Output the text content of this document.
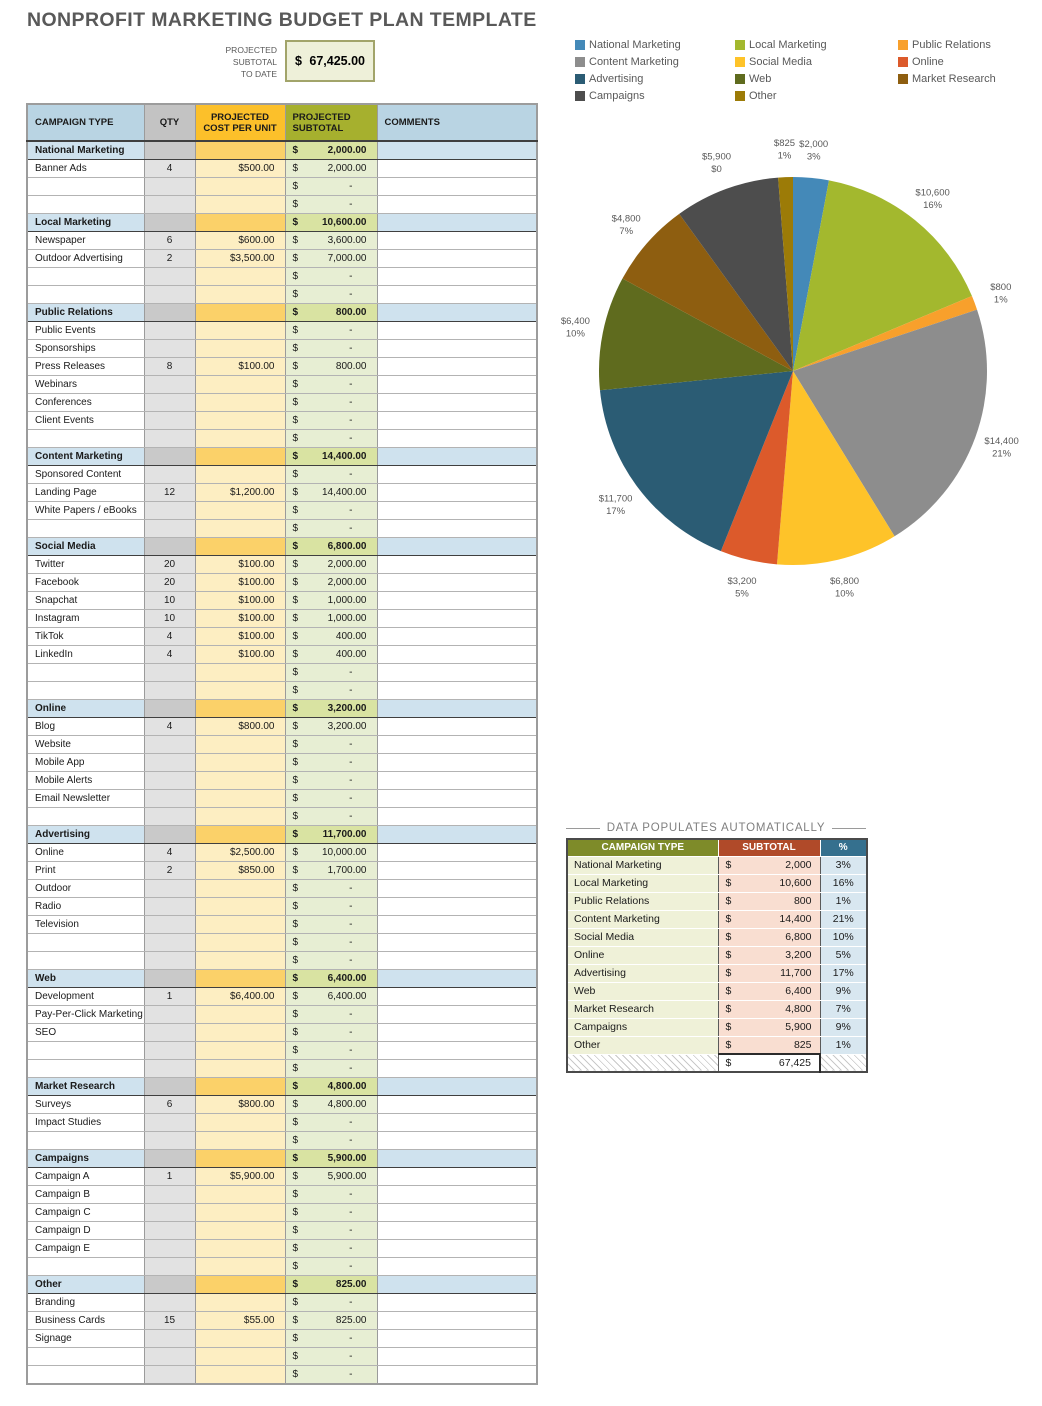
NONPROFIT MARKETING BUDGET PLAN TEMPLATE
PROJECTED
SUBTOTAL
TO DATE
$ 67,425.00
CAMPAIGN TYPE	QTY	PROJECTED COST PER UNIT	PROJECTED SUBTOTAL	COMMENTS
National Marketing			$ 2,000.00	

Banner Ads	4	$500.00	$ 2,000.00	

			$ -	

			$ -	

Local Marketing			$ 10,600.00	

Newspaper	6	$600.00	$ 3,600.00	

Outdoor Advertising	2	$3,500.00	$ 7,000.00	

			$ -	

			$ -	

Public Relations			$ 800.00	

Public Events			$ -	

Sponsorships			$ -	

Press Releases	8	$100.00	$ 800.00	

Webinars			$ -	

Conferences			$ -	

Client Events			$ -	

			$ -	

Content Marketing			$ 14,400.00	

Sponsored Content			$ -	

Landing Page	12	$1,200.00	$ 14,400.00	

White Papers / eBooks			$ -	

			$ -	

Social Media			$ 6,800.00	

Twitter	20	$100.00	$ 2,000.00	

Facebook	20	$100.00	$ 2,000.00	

Snapchat	10	$100.00	$ 1,000.00	

Instagram	10	$100.00	$ 1,000.00	

TikTok	4	$100.00	$ 400.00	

LinkedIn	4	$100.00	$ 400.00	

			$ -	

			$ -	

Online			$ 3,200.00	

Blog	4	$800.00	$ 3,200.00	

Website			$ -	

Mobile App			$ -	

Mobile Alerts			$ -	

Email Newsletter			$ -	

			$ -	

Advertising			$ 11,700.00	

Online	4	$2,500.00	$ 10,000.00	

Print	2	$850.00	$ 1,700.00	

Outdoor			$ -	

Radio			$ -	

Television			$ -	

			$ -	

			$ -	

Web			$ 6,400.00	

Development	1	$6,400.00	$ 6,400.00	

Pay-Per-Click Marketing			$ -	

SEO			$ -	

			$ -	

			$ -	

Market Research			$ 4,800.00	

Surveys	6	$800.00	$ 4,800.00	

Impact Studies			$ -	

			$ -	

Campaigns			$ 5,900.00	

Campaign A	1	$5,900.00	$ 5,900.00	

Campaign B			$ -	

Campaign C			$ -	

Campaign D			$ -	

Campaign E			$ -	

			$ -	

Other			$ 825.00	

Branding			$ -	

Business Cards	15	$55.00	$ 825.00	

Signage			$ -	

			$ -	

			$ -	

National Marketing
Content Marketing
Advertising
Campaigns
Local Marketing
Social Media
Web
Other
Public Relations
Online
Market Research
$2,000 3%
$10,600 16%
$800 1%
$14,400 21%
$6,800 10%
$3,200 5%
$11,700 17%
$6,400 10%
$4,800 7%
$5,900 $0
$825 1%
DATA POPULATES AUTOMATICALLY
CAMPAIGN TYPE	SUBTOTAL	%
National Marketing	$ 2,000	3%
Local Marketing	$ 10,600	16%
Public Relations	$ 800	1%
Content Marketing	$ 14,400	21%
Social Media	$ 6,800	10%
Online	$ 3,200	5%
Advertising	$ 11,700	17%
Web	$ 6,400	9%
Market Research	$ 4,800	7%
Campaigns	$ 5,900	9%
Other	$ 825	1%

	$ 67,425	
